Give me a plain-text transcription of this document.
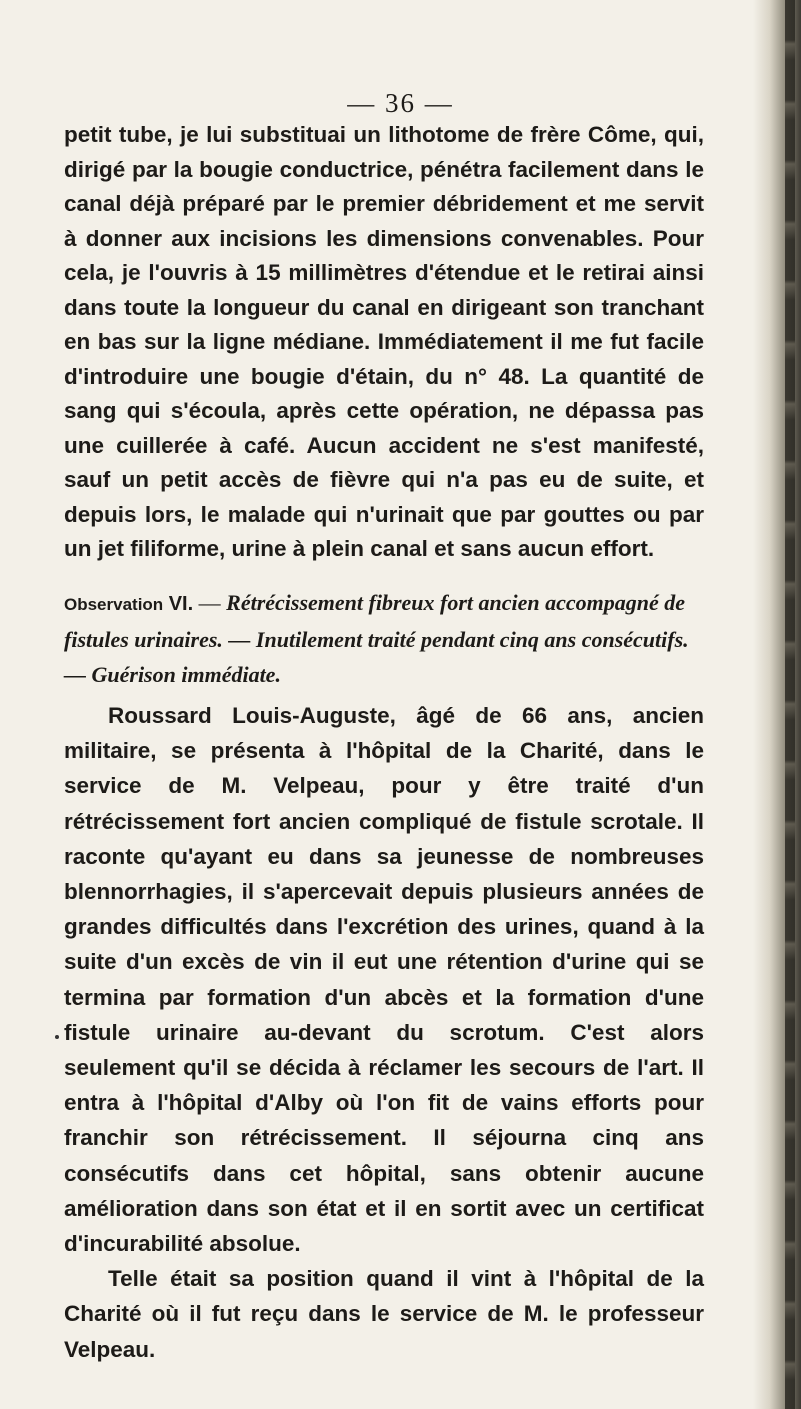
— 36 —

petit tube, je lui substituai un lithotome de frère Côme, qui, dirigé par la bougie conductrice, pénétra facilement dans le canal déjà préparé par le premier débridement et me servit à donner aux incisions les dimensions convenables. Pour cela, je l'ouvris à 15 millimètres d'étendue et le retirai ainsi dans toute la longueur du canal en dirigeant son tranchant en bas sur la ligne médiane. Immédiatement il me fut facile d'introduire une bougie d'étain, du n° 48. La quantité de sang qui s'écoula, après cette opération, ne dépassa pas une cuillerée à café. Aucun accident ne s'est manifesté, sauf un petit accès de fièvre qui n'a pas eu de suite, et depuis lors, le malade qui n'urinait que par gouttes ou par un jet filiforme, urine à plein canal et sans aucun effort.

Observation VI. — Rétrécissement fibreux fort ancien accompagné de fistules urinaires. — Inutilement traité pendant cinq ans consécutifs. — Guérison immédiate.

Roussard Louis-Auguste, âgé de 66 ans, ancien militaire, se présenta à l'hôpital de la Charité, dans le service de M. Velpeau, pour y être traité d'un rétrécissement fort ancien compliqué de fistule scrotale. Il raconte qu'ayant eu dans sa jeunesse de nombreuses blennorrhagies, il s'apercevait depuis plusieurs années de grandes difficultés dans l'excrétion des urines, quand à la suite d'un excès de vin il eut une rétention d'urine qui se termina par formation d'un abcès et la formation d'une fistule urinaire au-devant du scrotum. C'est alors seulement qu'il se décida à réclamer les secours de l'art. Il entra à l'hôpital d'Alby où l'on fit de vains efforts pour franchir son rétrécissement. Il séjourna cinq ans consécutifs dans cet hôpital, sans obtenir aucune amélioration dans son état et il en sortit avec un certificat d'incurabilité absolue.

Telle était sa position quand il vint à l'hôpital de la Charité où il fut reçu dans le service de M. le professeur Velpeau.
